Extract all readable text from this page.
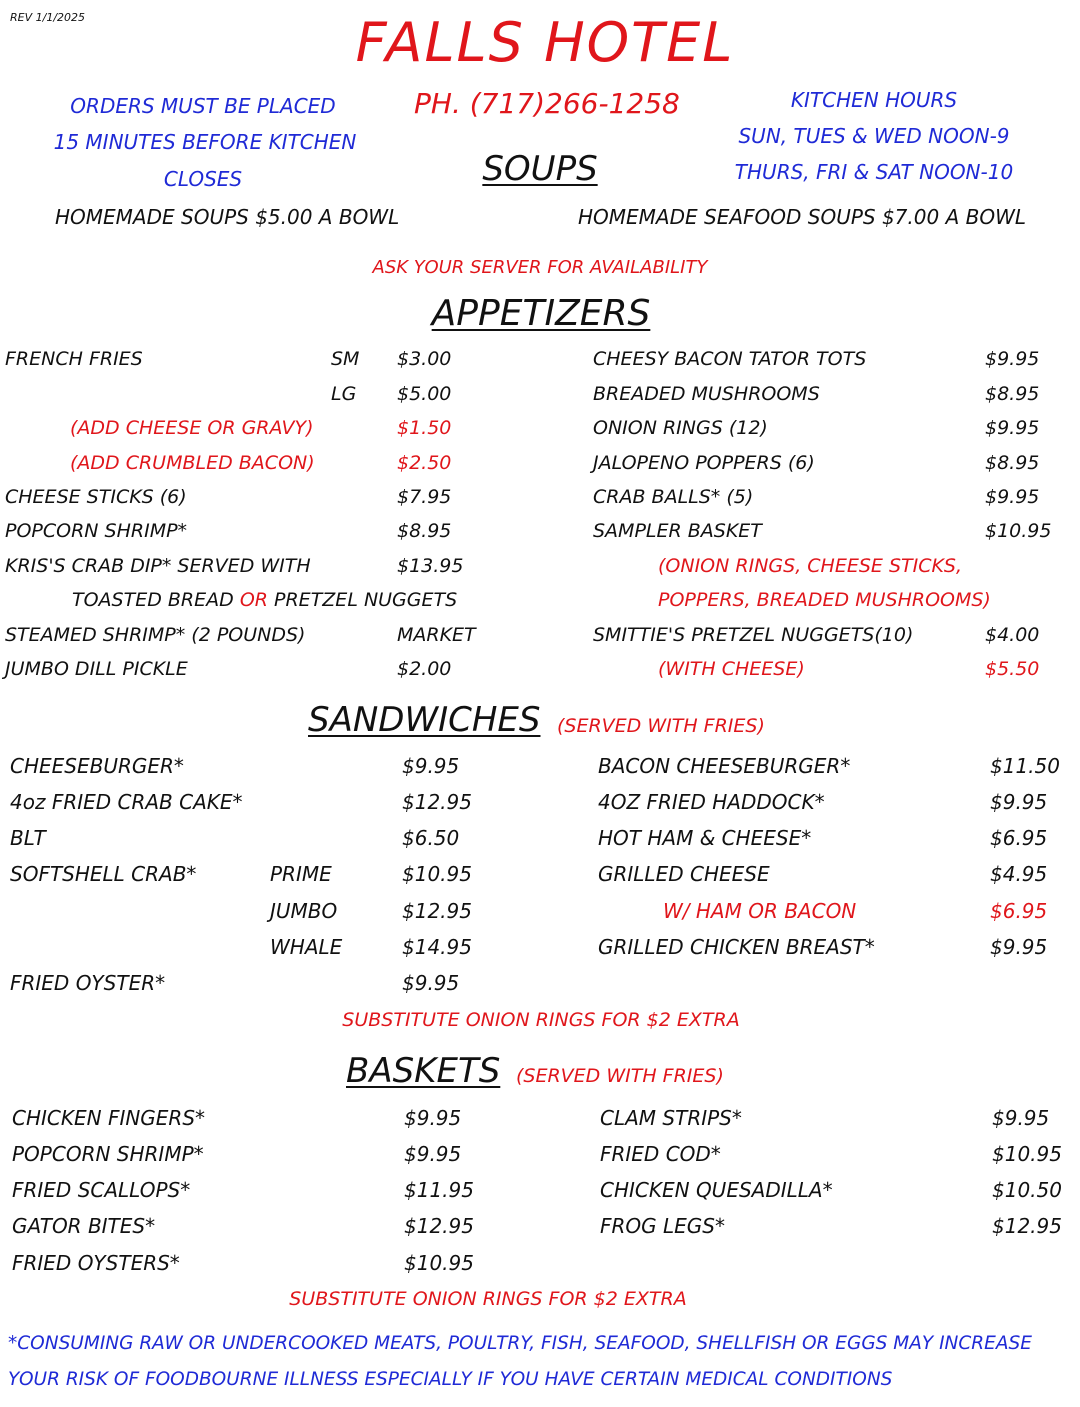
REV 1/1/2025	FALLS HOTEL
PH. (717)266-1258
ORDERS MUST BE PLACED
15 MINUTES BEFORE KITCHEN
CLOSES
KITCHEN HOURS
SUN, TUES & WED NOON-9
THURS, FRI & SAT NOON-10
SOUPS
HOMEMADE SOUPS $5.00 A BOWL	HOMEMADE SEAFOOD SOUPS $7.00 A BOWL
ASK YOUR SERVER FOR AVAILABILITY
APPETIZERS
FRENCH FRIES	SM $3.00
LG $5.00
(ADD CHEESE OR GRAVY)	$1.50
(ADD CRUMBLED BACON)	$2.50
CHEESE STICKS (6)	$7.95
POPCORN SHRIMP*	$8.95
KRIS'S CRAB DIP* SERVED WITH	$13.95
TOASTED BREAD OR PRETZEL NUGGETS
STEAMED SHRIMP* (2 POUNDS)	MARKET
JUMBO DILL PICKLE	$2.00
CHEESY BACON TATOR TOTS	$9.95
BREADED MUSHROOMS	$8.95
ONION RINGS (12)	$9.95
JALOPENO POPPERS (6)	$8.95
CRAB BALLS* (5)	$9.95
SAMPLER BASKET	$10.95
(ONION RINGS, CHEESE STICKS,
POPPERS, BREADED MUSHROOMS)
SMITTIE'S PRETZEL NUGGETS(10)	$4.00
(WITH CHEESE)	$5.50
SANDWICHES (SERVED WITH FRIES)
CHEESEBURGER*	$9.95
4oz FRIED CRAB CAKE*	$12.95
BLT	$6.50
SOFTSHELL CRAB*	PRIME	$10.95
JUMBO	$12.95
WHALE	$14.95
FRIED OYSTER*	$9.95
BACON CHEESEBURGER*	$11.50
4OZ FRIED HADDOCK*	$9.95
HOT HAM & CHEESE*	$6.95
GRILLED CHEESE	$4.95
W/ HAM OR BACON	$6.95
GRILLED CHICKEN BREAST*	$9.95
SUBSTITUTE ONION RINGS FOR $2 EXTRA
BASKETS (SERVED WITH FRIES)
CHICKEN FINGERS*	$9.95
POPCORN SHRIMP*	$9.95
FRIED SCALLOPS*	$11.95
GATOR BITES*	$12.95
FRIED OYSTERS*	$10.95
CLAM STRIPS*	$9.95
FRIED COD*	$10.95
CHICKEN QUESADILLA*	$10.50
FROG LEGS*	$12.95
SUBSTITUTE ONION RINGS FOR $2 EXTRA
*CONSUMING RAW OR UNDERCOOKED MEATS, POULTRY, FISH, SEAFOOD, SHELLFISH OR EGGS MAY INCREASE
YOUR RISK OF FOODBOURNE ILLNESS ESPECIALLY IF YOU HAVE CERTAIN MEDICAL CONDITIONS
